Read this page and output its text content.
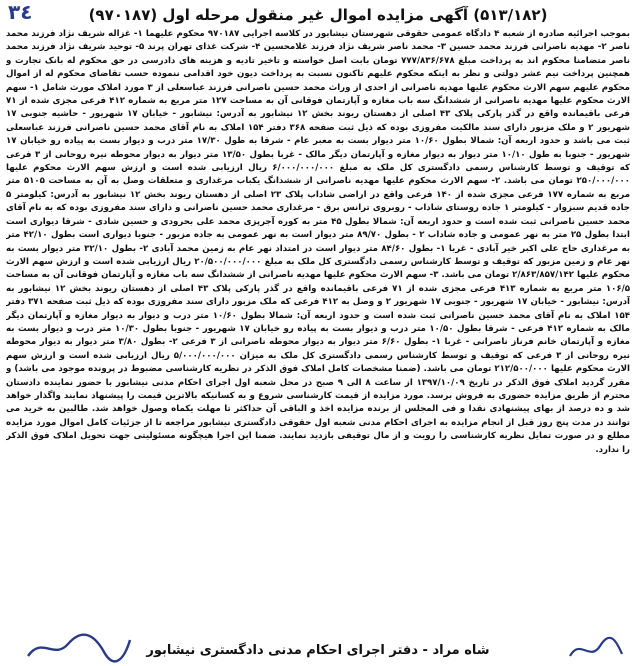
٣٤	(۵۱۳/۱۸۲) آگهی مزایده اموال غیر منقول مرحله اول (۹۷۰۱۸۷)
بموجب اجرائیه صادره از شعبه ۴ دادگاه عمومی حقوقی شهرستان نیشابور در کلاسه اجرایی ۹۷۰۱۸۷ محکوم علیهما ۱- غزاله شریف نژاد فرزند محمد ناصر ۲- مهدیه ناصرانی فرزند محمد حسین ۳- محمد ناصر شریف نژاد فرزند غلامحسین ۴- شرکت غذای تهران پرند ۵- توحید شریف نژاد فرزند محمد ناصر متضامنا محکوم اند به پرداخت مبلغ ۷۷۷/۸۳۶/۶۷۸ تومان بابت اصل خواسته و تاخیر تادیه و هزینه های دادرسی در حق محکوم له بانک تجارت و همچنین پرداخت نیم عشر دولتی و نظر به اینکه محکوم علیهم تاکنون نسبت به پرداخت دیون خود اقدامی ننموده حسب تقاضای محکوم له از اموال محکوم علیهم سهم الارث محکوم علیها مهدیه ناصرانی از احدی از وراث محمد حسین ناصرانی فرزند عباسعلی از ۳ مورد املاک مورث شامل ۱- سهم الارث محکوم علیها مهدیه ناصرانی از ششدانگ سه باب مغازه و آپارتمان فوقانی آن به مساحت ۱۲۷ متر مربع به شماره ۴۱۲ فرعی مجزی شده از ۷۱ فرعی باقیمانده واقع در گذر پارکی پلاک ۴۳ اصلی از دهستان ریوند بخش ۱۲ نیشابور به آدرس: نیشابور - خیابان ۱۷ شهریور - حاشیه جنوبی ۱۷ شهریور ۲ و ملک مزبور دارای سند مالکیت مفروزی بوده که ذیل ثبت صفحه ۳۶۸ دفتر ۱۵۴ املاک به نام آقای محمد حسین ناصرانی فرزند عباسعلی ثبت می باشد و حدود اربعه آن: شمالا بطول ۱۰/۶۰ متر دیوار بست به معبر عام - شرقا به طول ۱۷/۳۰ متر درب و دیوار بست به پیاده رو خیابان ۱۷ شهریور - جنوبا به طول ۱۰/۱۰ متر دیوار به دیوار مغازه و آپارتمان دیگر مالک - غربا بطول ۱۳/۵۰ متر دیوار به دیوار محوطه نیره روحانی از ۳ فرعی که توقیف و توسط کارشناس رسمی دادگستری کل ملک به مبلغ ۶/۰۰۰/۰۰۰/۰۰۰ ریال ارزیابی شده است و ارزش سهم الارث محکوم علیها ۲۵۰/۰۰۰/۰۰۰ تومان می باشد. ۲- سهم الارث محکوم علیها مهدیه ناصرانی از ششدانگ یکباب مرغداری و متعلقات وصل به آن به مساحت ۵۱۰۵ متر مربع به شماره ۱۷۷ فرعی مجزی شده از ۱۴۰ فرعی واقع در اراضی شاداب پلاک ۲۳ اصلی از دهستان ریوند بخش ۱۲ نیشابور به آدرس: کیلومتر ۵ جاده قدیم سبزوار - کیلومتر ۱ جاده روستای شاداب - روبروی ترانس برق - مرغداری محمد حسین ناصرانی و دارای سند مفروزی بوده که به نام آقای محمد حسین ناصرانی ثبت شده است و حدود اربعه آن: شمالا بطول ۴۵ متر به کوره آجرپزی محمد علی بحرودی و حسین شادی - شرقا دیواری است ابتدا بطول ۲۵ متر به نهر عمومی و جاده شاداب ۲ - بطول ۸۹/۷۰ متر دیوار است به نهر عمومی به جاده مزبور - جنوبا دیواری است بطول ۴۲/۱۰ متر به مرغداری حاج علی اکبر خیر آبادی - غربا ۱- بطول ۸۴/۶۰ متر دیوار است در امتداد نهر عام به زمین محمد آبادی ۲- بطول ۳۲/۱۰ متر دیوار بست به نهر عام و زمین مزبور که توقیف و توسط کارشناس رسمی دادگستری کل ملک به مبلغ ۲۰/۵۰۰/۰۰۰/۰۰۰ ریال ارزیابی شده است و ارزش سهم الارث محکوم علیها ۲/۸۶۳/۸۵۷/۱۴۲ تومان می باشد. ۳- سهم الارث محکوم علیها مهدیه ناصرانی از ششدانگ سه باب مغازه و آپارتمان فوقانی آن به مساحت ۱۰۶/۵ متر مربع به شماره ۴۱۳ فرعی مجزی شده از ۷۱ فرعی باقیمانده واقع در گذر پارکی پلاک ۴۳ اصلی از دهستان ریوند بخش ۱۲ نیشابور به آدرس: نیشابور - خیابان ۱۷ شهریور - جنوبی ۱۷ شهریور ۲ و وصل به ۴۱۲ فرعی که ملک مزبور دارای سند مفروزی بوده که ذیل ثبت صفحه ۳۷۱ دفتر ۱۵۴ املاک به نام آقای محمد حسین ناصرانی ثبت شده است و حدود اربعه آن: شمالا بطول ۱۰/۶۰ متر درب و دیوار به دیوار مغازه و آپارتمان دیگر مالک به شماره ۴۱۲ فرعی - شرقا بطول ۱۰/۵۰ متر درب و دیوار بست به پیاده رو خیابان ۱۷ شهریور - جنوبا بطول ۱۰/۳۰ متر درب و دیوار بست به مغازه و آپارتمان خانم فرناز ناصرانی - غربا ۱- بطول ۶/۶۰ متر دیوار به دیوار محوطه ناصرانی از ۳ فرعی ۲- بطول ۳/۸۰ متر دیوار به دیوار محوطه نیره روحانی از ۳ فرعی که توقیف و توسط کارشناس رسمی دادگستری کل ملک به میزان ۵/۰۰۰/۰۰۰/۰۰۰ ریال ارزیابی شده است و ارزش سهم الارث محکوم علیها ۲۱۲/۵۰۰/۰۰۰ تومان می باشد. (ضمنا مشخصات کامل املاک فوق الذکر در نظریه کارشناسی مضبوط در پرونده موجود می باشد) و مقرر گردید املاک فوق الذکر در تاریخ ۱۳۹۷/۱۰/۰۹ از ساعت ۸ الی ۹ صبح در محل شعبه اول اجرای احکام مدنی نیشابور با حضور نماینده دادستان محترم از طریق مزایده حضوری به فروش برسد. مورد مزایده از قیمت کارشناسی شروع و به کسانیکه بالاترین قیمت را پیشنهاد نمایند واگذار خواهد شد و ده درصد از بهای پیشنهادی نقدا و فی المجلس از برنده مزایده اخذ و الباقی آن حداکثر تا مهلت یکماه وصول خواهد شد. طالبین به خرید می توانند در مدت پنج روز قبل از انجام مزایده به اجرای احکام مدنی شعبه اول حقوقی دادگستری نیشابور مراجعه تا از جزئیات کامل اموال مورد مزایده مطلع و در صورت تمایل نظریه کارشناسی را رویت و از مال توقیفی بازدید نمایند. ضمنا این اجرا هیچگونه مسئولیتی جهت تحویل املاک فوق الذکر را ندارد.
شاه مراد - دفتر اجرای احکام مدنی دادگستری نیشابور
